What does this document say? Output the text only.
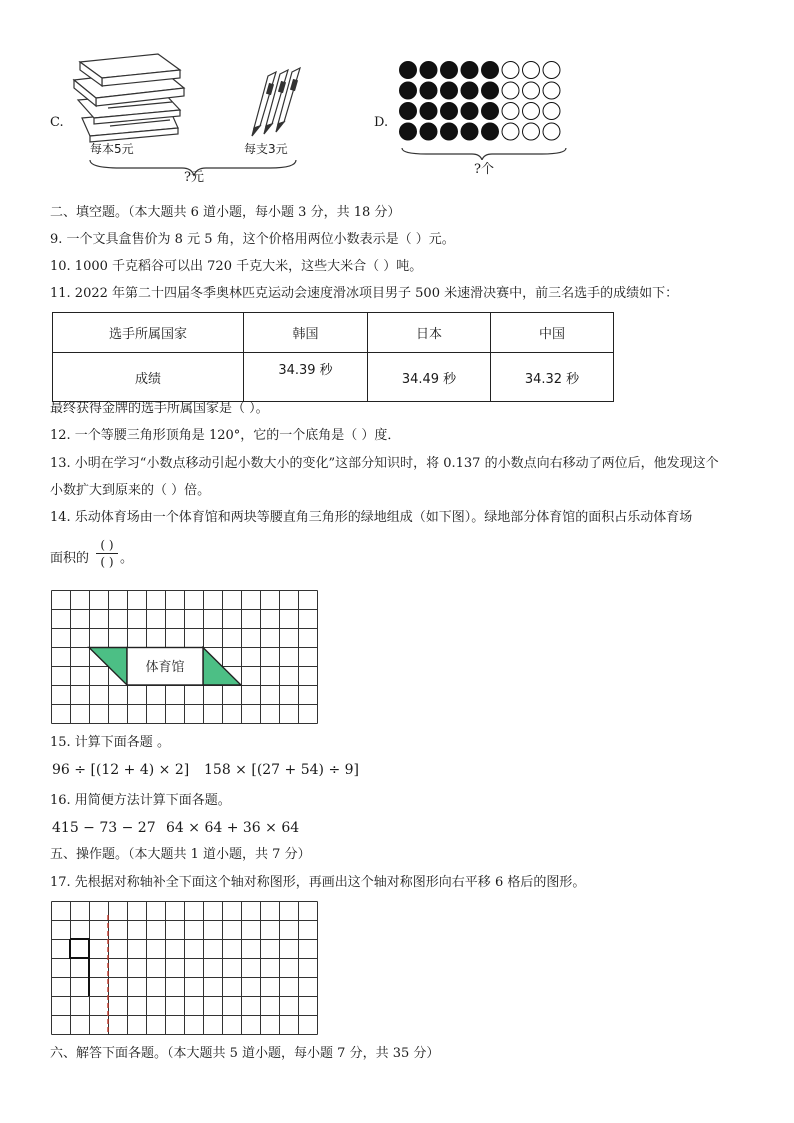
C.
每本5元	每支3元
?元
D.
?个
二、填空题。（本大题共 6 道小题，每小题 3 分，共 18 分）
9. 一个文具盒售价为 8 元 5 角，这个价格用两位小数表示是（ ）元。
10. 1000 千克稻谷可以出 720 千克大米，这些大米合（ ）吨。
11. 2022 年第二十四届冬季奥林匹克运动会速度滑冰项目男子 500 米速滑决赛中，前三名选手的成绩如下：
选手所属国家	韩国	日本	中国
成绩	34.39 秒	34.49 秒	34.32 秒
最终获得金牌的选手所属国家是（ ）。
12. 一个等腰三角形顶角是 120°，它的一个底角是（ ）度．
13. 小明在学习“小数点移动引起小数大小的变化”这部分知识时，将 0.137 的小数点向右移动了两位后，他发现这个
小数扩大到原来的（ ）倍。
14. 乐动体育场由一个体育馆和两块等腰直角三角形的绿地组成（如下图）。绿地部分体育馆的面积占乐动体育场
面积的
( )
( ) 。
体育馆
15. 计算下面各题 。
96 ÷ [(12 + 4) × 2] 158 × [(27 + 54) ÷ 9]
16. 用简便方法计算下面各题。
415 − 73 − 27 64 × 64 + 36 × 64
五、操作题。（本大题共 1 道小题，共 7 分）
17. 先根据对称轴补全下面这个轴对称图形，再画出这个轴对称图形向右平移 6 格后的图形。
六、解答下面各题。（本大题共 5 道小题，每小题 7 分，共 35 分）
